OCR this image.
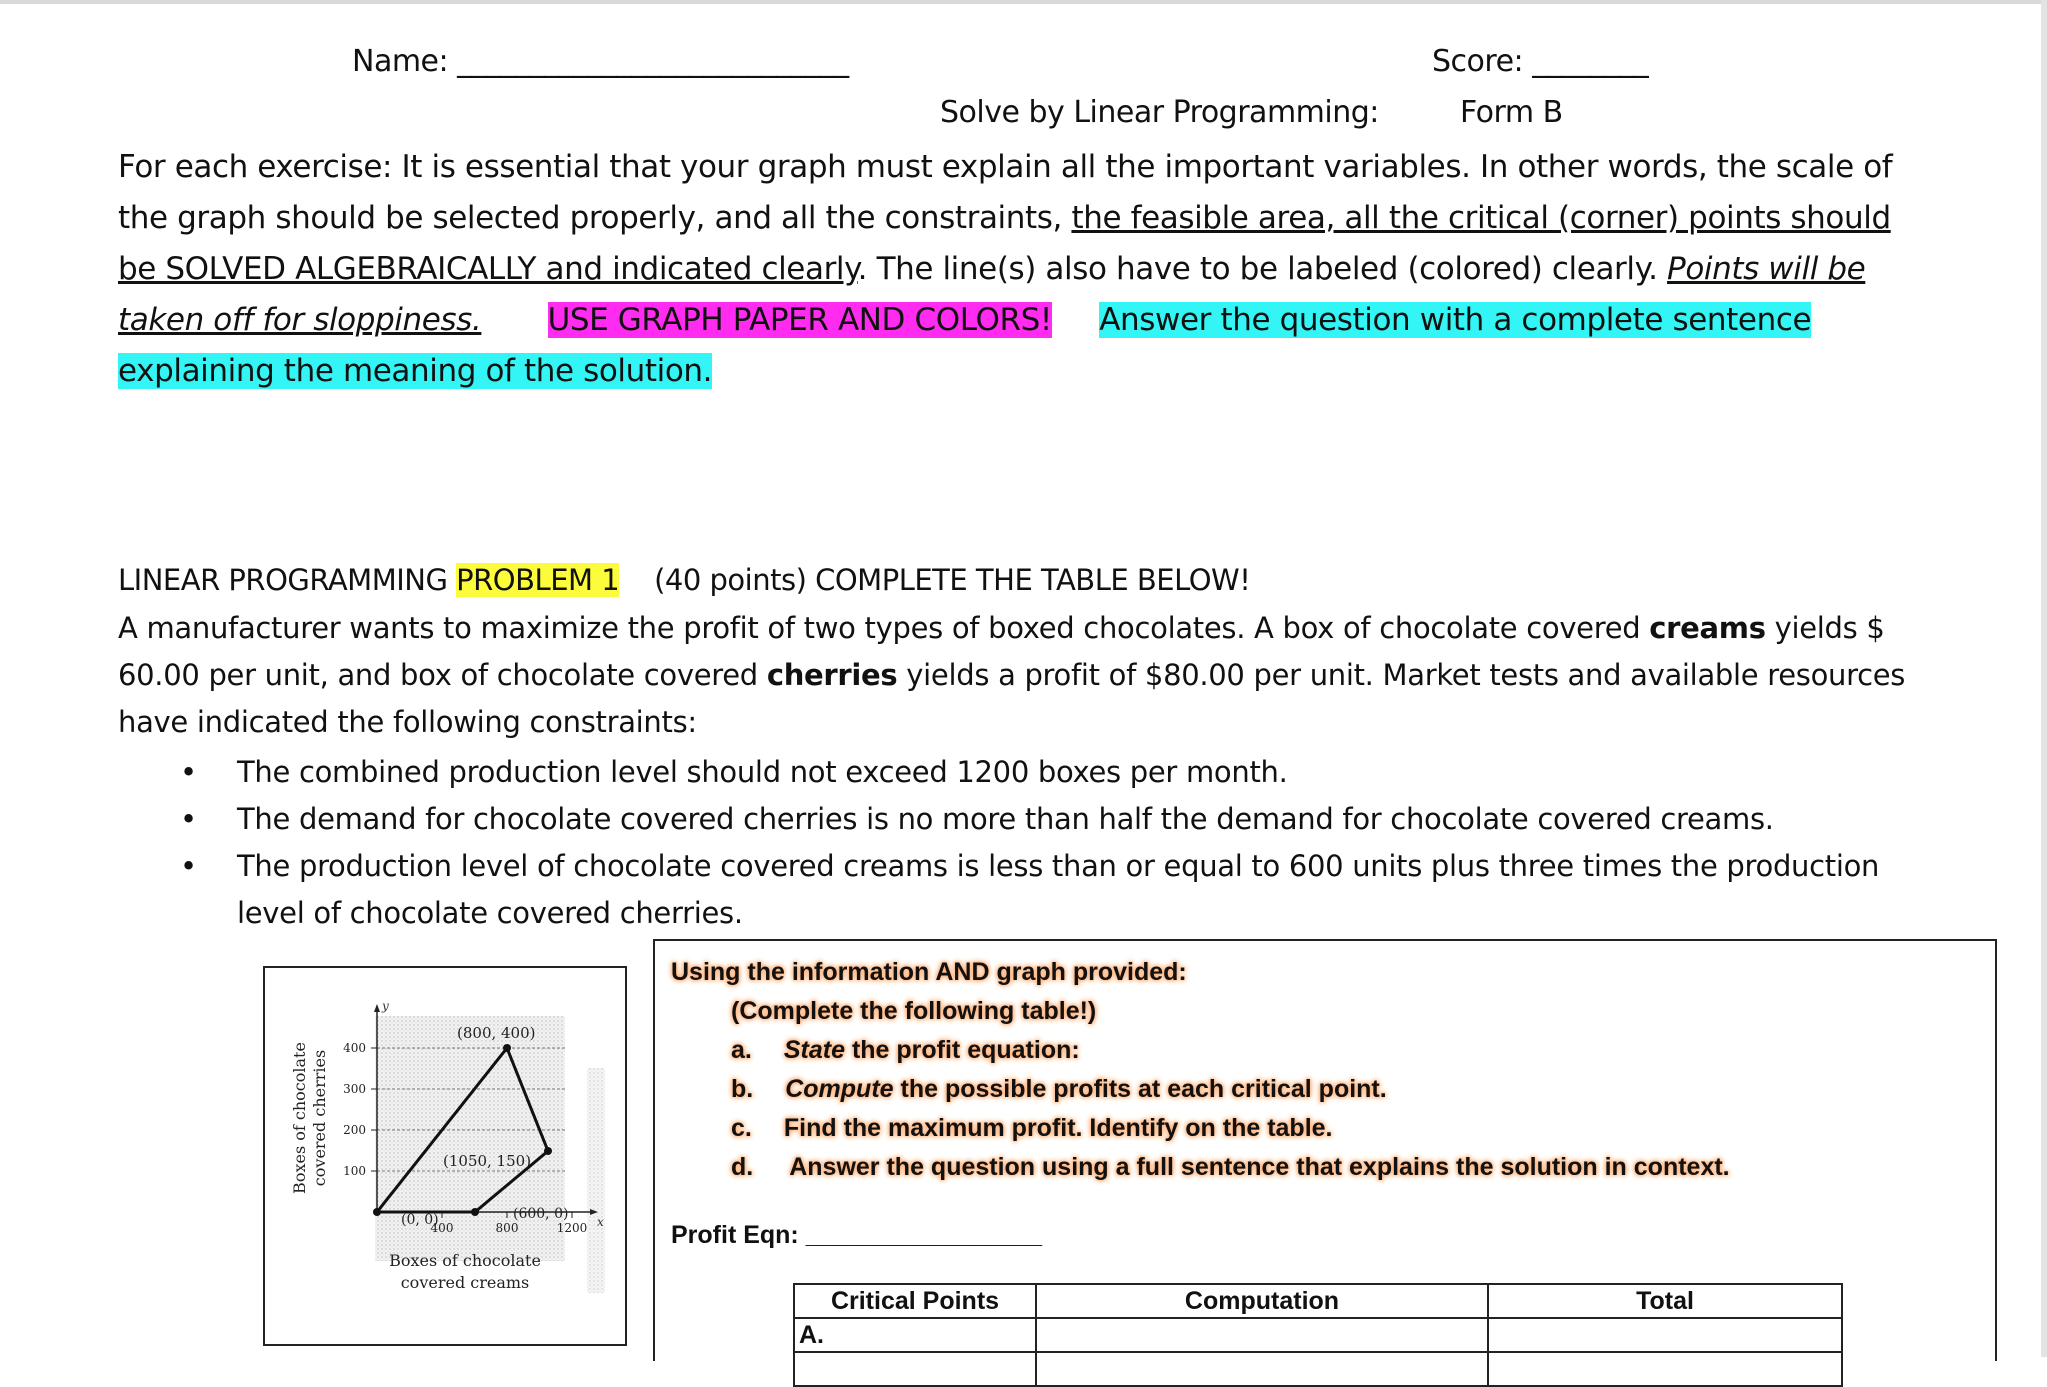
Name: ___________________________	Score: ________
Solve by Linear Programming:	Form B
For each exercise: It is essential that your graph must explain all the important variables. In other words, the scale of the graph should be selected properly, and all the constraints, the feasible area, all the critical (corner) points should be SOLVED ALGEBRAICALLY and indicated clearly. The line(s) also have to be labeled (colored) clearly. Points will be taken off for sloppiness. USE GRAPH PAPER AND COLORS! Answer the question with a complete sentence explaining the meaning of the solution.
LINEAR PROGRAMMING PROBLEM 1 (40 points) COMPLETE THE TABLE BELOW!
A manufacturer wants to maximize the profit of two types of boxed chocolates. A box of chocolate covered creams yields $ 60.00 per unit, and box of chocolate covered cherries yields a profit of $80.00 per unit. Market tests and available resources have indicated the following constraints:
• The combined production level should not exceed 1200 boxes per month.
• The demand for chocolate covered cherries is no more than half the demand for chocolate covered creams.
• The production level of chocolate covered creams is less than or equal to 600 units plus three times the production level of chocolate covered cherries.
y
x
400
300
200
100
400	800	1200
(800, 400)
(1050, 150)
(0, 0)	(600, 0)
Boxes of chocolate
covered creams
Boxes of chocolate covered cherries
Using the information AND graph provided:
(Complete the following table!)
a. State the profit equation:
b. Compute the possible profits at each critical point.
c. Find the maximum profit. Identify on the table.
d. Answer the question using a full sentence that explains the solution in context.
Profit Eqn: _________________
Critical Points	Computation	Total
A.		
